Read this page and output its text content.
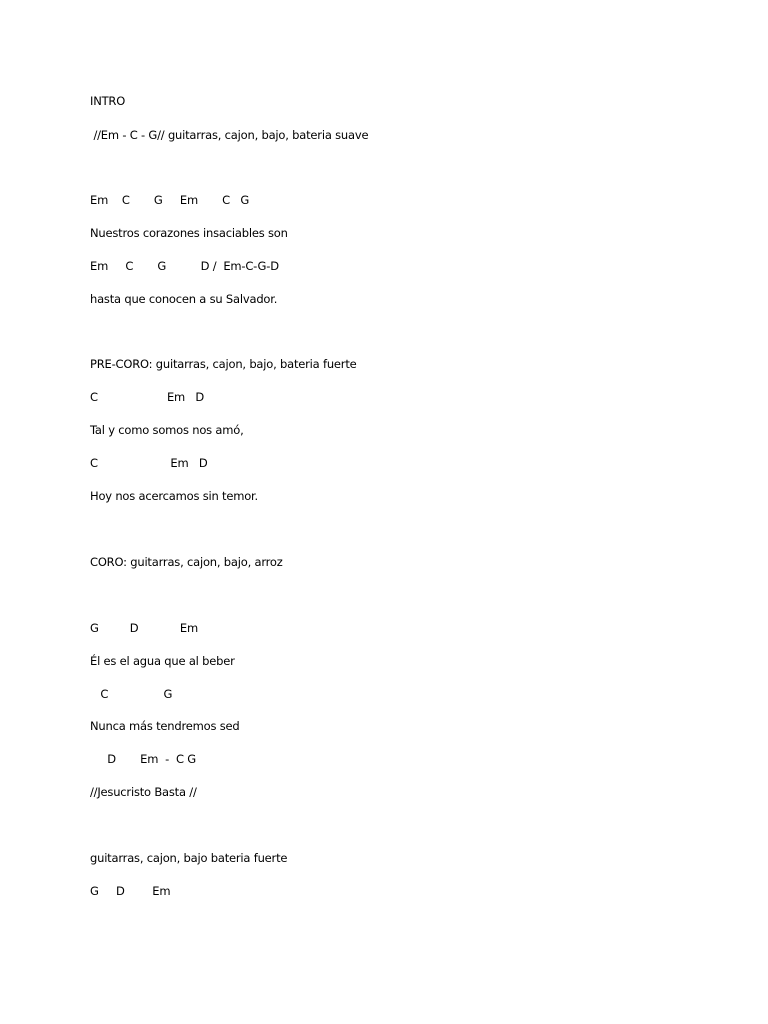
INTRO

//Em - C - G// guitarras, cajon, bajo, bateria suave

Em    C       G     Em       C   G

Nuestros corazones insaciables son

Em     C       G          D /  Em-C-G-D

hasta que conocen a su Salvador.

PRE-CORO: guitarras, cajon, bajo, bateria fuerte

C                    Em   D

Tal y como somos nos amó,

C                     Em   D

Hoy nos acercamos sin temor.

CORO: guitarras, cajon, bajo, arroz

G         D            Em

Él es el agua que al beber

C                G

Nunca más tendremos sed

D       Em  -  C G

//Jesucristo Basta //

guitarras, cajon, bajo bateria fuerte

G     D        Em
